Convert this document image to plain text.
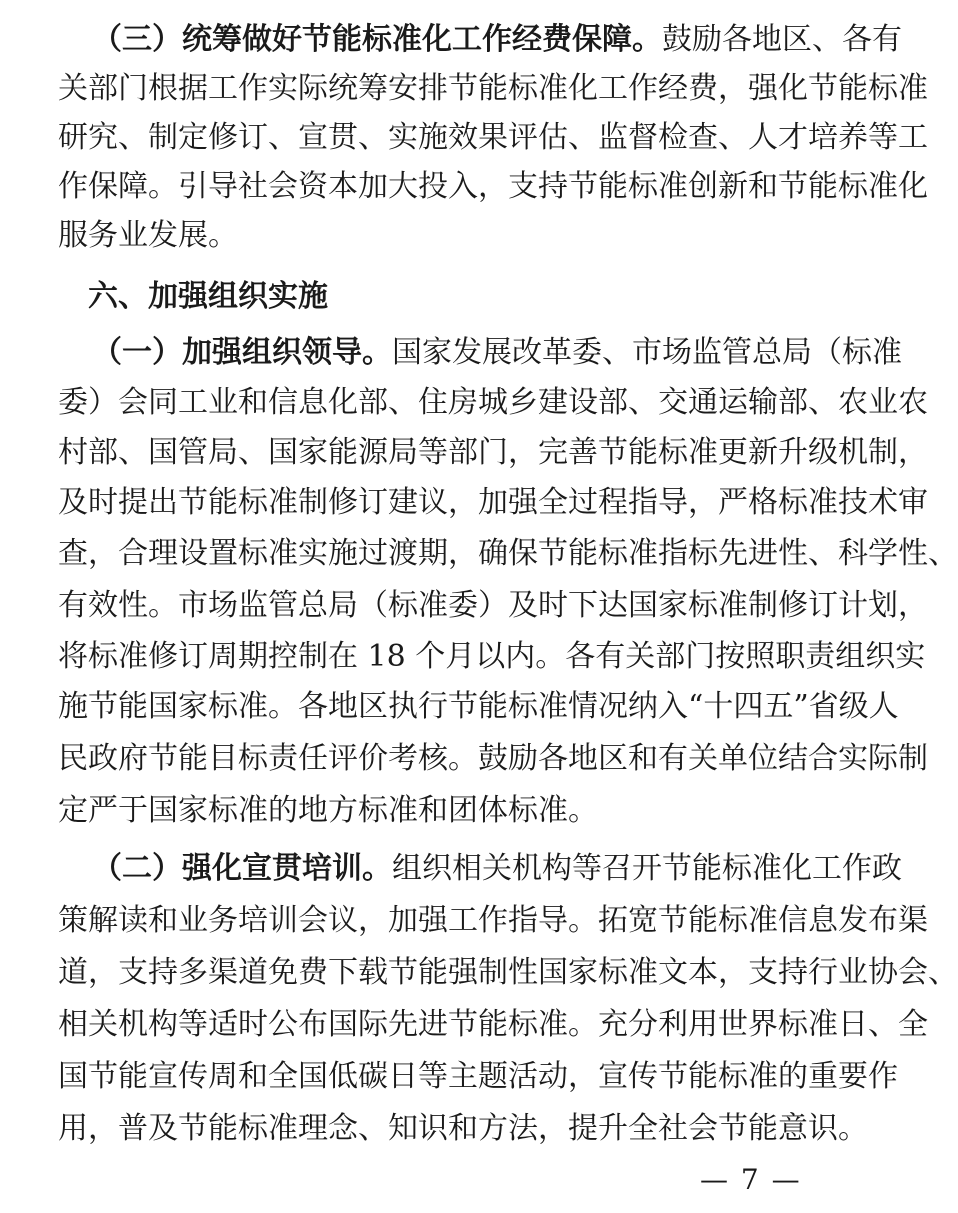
（三）统筹做好节能标准化工作经费保障。鼓励各地区、各有
关部门根据工作实际统筹安排节能标准化工作经费，强化节能标准
研究、制定修订、宣贯、实施效果评估、监督检查、人才培养等工
作保障。引导社会资本加大投入，支持节能标准创新和节能标准化
服务业发展。
六、加强组织实施
（一）加强组织领导。国家发展改革委、市场监管总局（标准
委）会同工业和信息化部、住房城乡建设部、交通运输部、农业农
村部、国管局、国家能源局等部门，完善节能标准更新升级机制，
及时提出节能标准制修订建议，加强全过程指导，严格标准技术审
查，合理设置标准实施过渡期，确保节能标准指标先进性、科学性、
有效性。市场监管总局（标准委）及时下达国家标准制修订计划，
将标准修订周期控制在 18 个月以内。各有关部门按照职责组织实
施节能国家标准。各地区执行节能标准情况纳入“十四五”省级人
民政府节能目标责任评价考核。鼓励各地区和有关单位结合实际制
定严于国家标准的地方标准和团体标准。
（二）强化宣贯培训。组织相关机构等召开节能标准化工作政
策解读和业务培训会议，加强工作指导。拓宽节能标准信息发布渠
道，支持多渠道免费下载节能强制性国家标准文本，支持行业协会、
相关机构等适时公布国际先进节能标准。充分利用世界标准日、全
国节能宣传周和全国低碳日等主题活动，宣传节能标准的重要作
用，普及节能标准理念、知识和方法，提升全社会节能意识。
— 7 —
